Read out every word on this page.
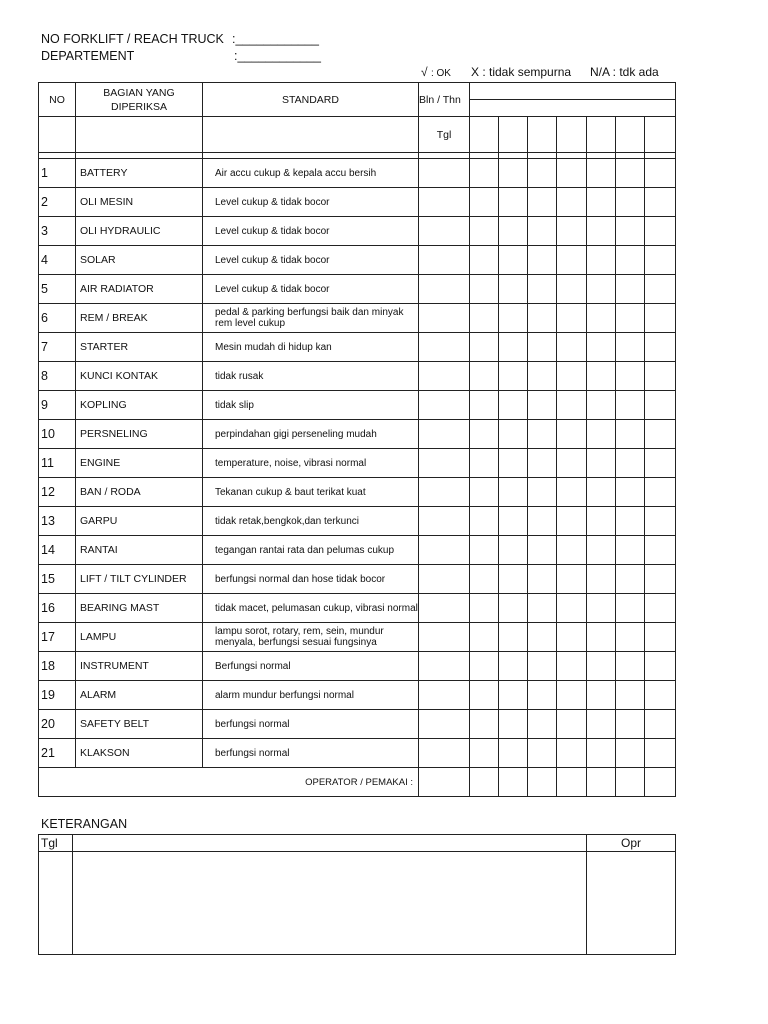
NO FORKLIFT / REACH TRUCK :____________
DEPARTEMENT	:____________
√ : OK X : tidak sempurna N/A : tdk ada
NO	BAGIAN YANG DIPERIKSA	STANDARD	Bln / Thn							

			Tgl							

1	BATTERY	Air accu cukup & kepala accu bersih								
2	OLI MESIN	Level cukup & tidak bocor								
3	OLI HYDRAULIC	Level cukup & tidak bocor								
4	SOLAR	Level cukup & tidak bocor								
5	AIR RADIATOR	Level cukup & tidak bocor								
6	REM / BREAK	pedal & parking berfungsi baik dan minyak rem level cukup								
7	STARTER	Mesin mudah di hidup kan								
8	KUNCI KONTAK	tidak rusak								
9	KOPLING	tidak slip								
10	PERSNELING	perpindahan gigi perseneling mudah								
11	ENGINE	temperature, noise, vibrasi normal								
12	BAN / RODA	Tekanan cukup & baut terikat kuat								
13	GARPU	tidak retak,bengkok,dan terkunci								
14	RANTAI	tegangan rantai rata dan pelumas cukup								
15	LIFT / TILT CYLINDER	berfungsi normal dan hose tidak bocor								
16	BEARING MAST	tidak macet, pelumasan cukup, vibrasi normal								
17	LAMPU	lampu sorot, rotary, rem, sein, mundur menyala, berfungsi sesuai fungsinya								
18	INSTRUMENT	Berfungsi normal								
19	ALARM	alarm mundur berfungsi normal								
20	SAFETY BELT	berfungsi normal								
21	KLAKSON	berfungsi normal								
OPERATOR / PEMAKAI :										
KETERANGAN
Tgl		Opr
